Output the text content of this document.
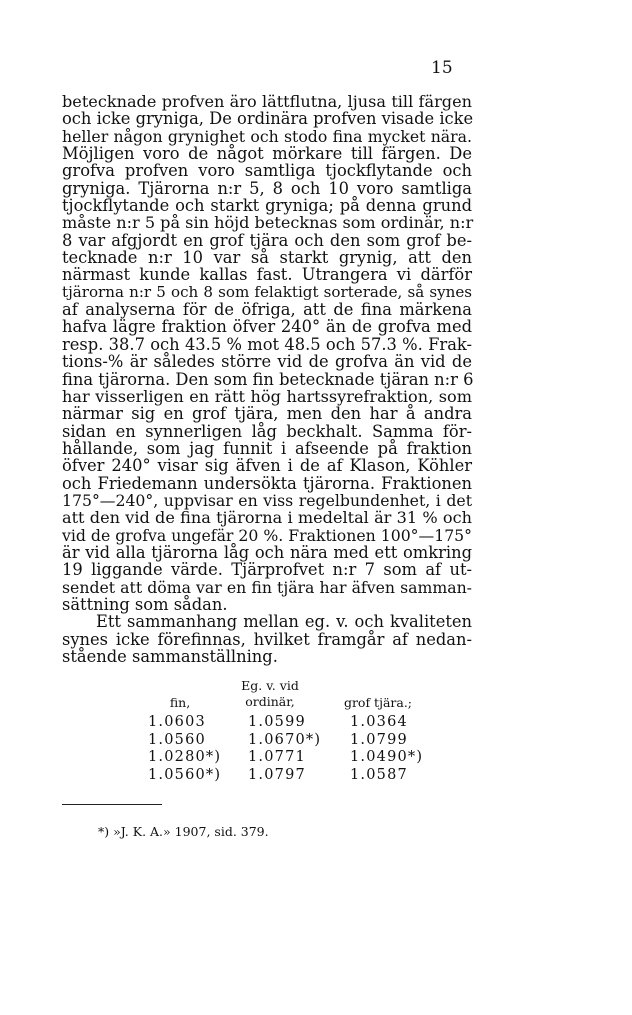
15
betecknade profven äro lättflutna, ljusa till färgen
och icke gryniga, De ordinära profven visade icke
heller någon grynighet och stodo fina mycket nära.
Möjligen voro de något mörkare till färgen. De
grofva profven voro samtliga tjockflytande och
gryniga. Tjärorna n:r 5, 8 och 10 voro samtliga
tjockflytande och starkt gryniga; på denna grund
måste n:r 5 på sin höjd betecknas som ordinär, n:r
8 var afgjordt en grof tjära och den som grof be-
tecknade n:r 10 var så starkt grynig, att den
närmast kunde kallas fast. Utrangera vi därför
tjärorna n:r 5 och 8 som felaktigt sorterade, så synes
af analyserna för de öfriga, att de fina märkena
hafva lägre fraktion öfver 240° än de grofva med
resp. 38.7 och 43.5 % mot 48.5 och 57.3 %. Frak-
tions-% är således större vid de grofva än vid de
fina tjärorna. Den som fin betecknade tjäran n:r 6
har visserligen en rätt hög hartssyrefraktion, som
närmar sig en grof tjära, men den har å andra
sidan en synnerligen låg beckhalt. Samma för-
hållande, som jag funnit i afseende på fraktion
öfver 240° visar sig äfven i de af Klason, Köhler
och Friedemann undersökta tjärorna. Fraktionen
175°—240°, uppvisar en viss regelbundenhet, i det
att den vid de fina tjärorna i medeltal är 31 % och
vid de grofva ungefär 20 %. Fraktionen 100°—175°
är vid alla tjärorna låg och nära med ett omkring
19 liggande värde. Tjärprofvet n:r 7 som af ut-
sendet att döma var en fin tjära har äfven samman-
sättning som sådan.
Ett sammanhang mellan eg. v. och kvaliteten
synes icke förefinnas, hvilket framgår af nedan-
stående sammanställning.
fin,
Eg. v. vid
ordinär,	grof tjära.;
1.0603	1.0599	1.0364
1.0560	1.0670*) 1.0799
1.0280*) 1.0771	1.0490*)
1.0560*) 1.0797	1.0587
*) »J. K. A.» 1907, sid. 379.
